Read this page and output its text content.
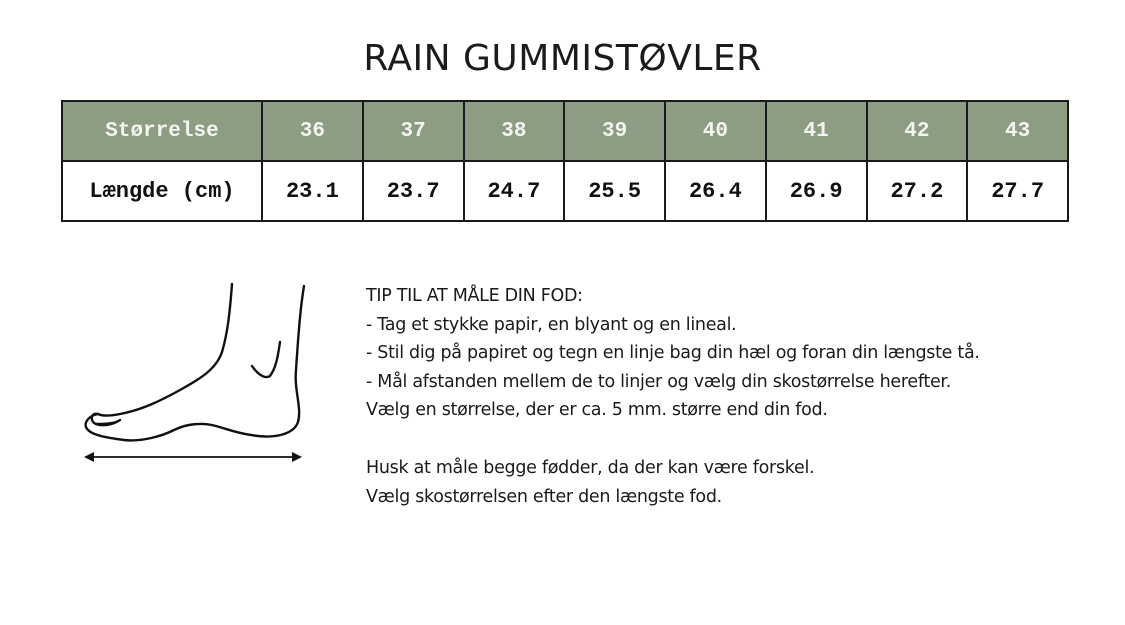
RAIN GUMMISTØVLER
Størrelse	36	37	38	39	40	41	42	43
Længde (cm)	23.1	23.7	24.7	25.5	26.4	26.9	27.2	27.7

TIP TIL AT MÅLE DIN FOD:

- Tag et stykke papir, en blyant og en lineal.

- Stil dig på papiret og tegn en linje bag din hæl og foran din længste tå.

- Mål afstanden mellem de to linjer og vælg din skostørrelse herefter.

Vælg en størrelse, der er ca. 5 mm. større end din fod.

Husk at måle begge fødder, da der kan være forskel.

Vælg skostørrelsen efter den længste fod.
